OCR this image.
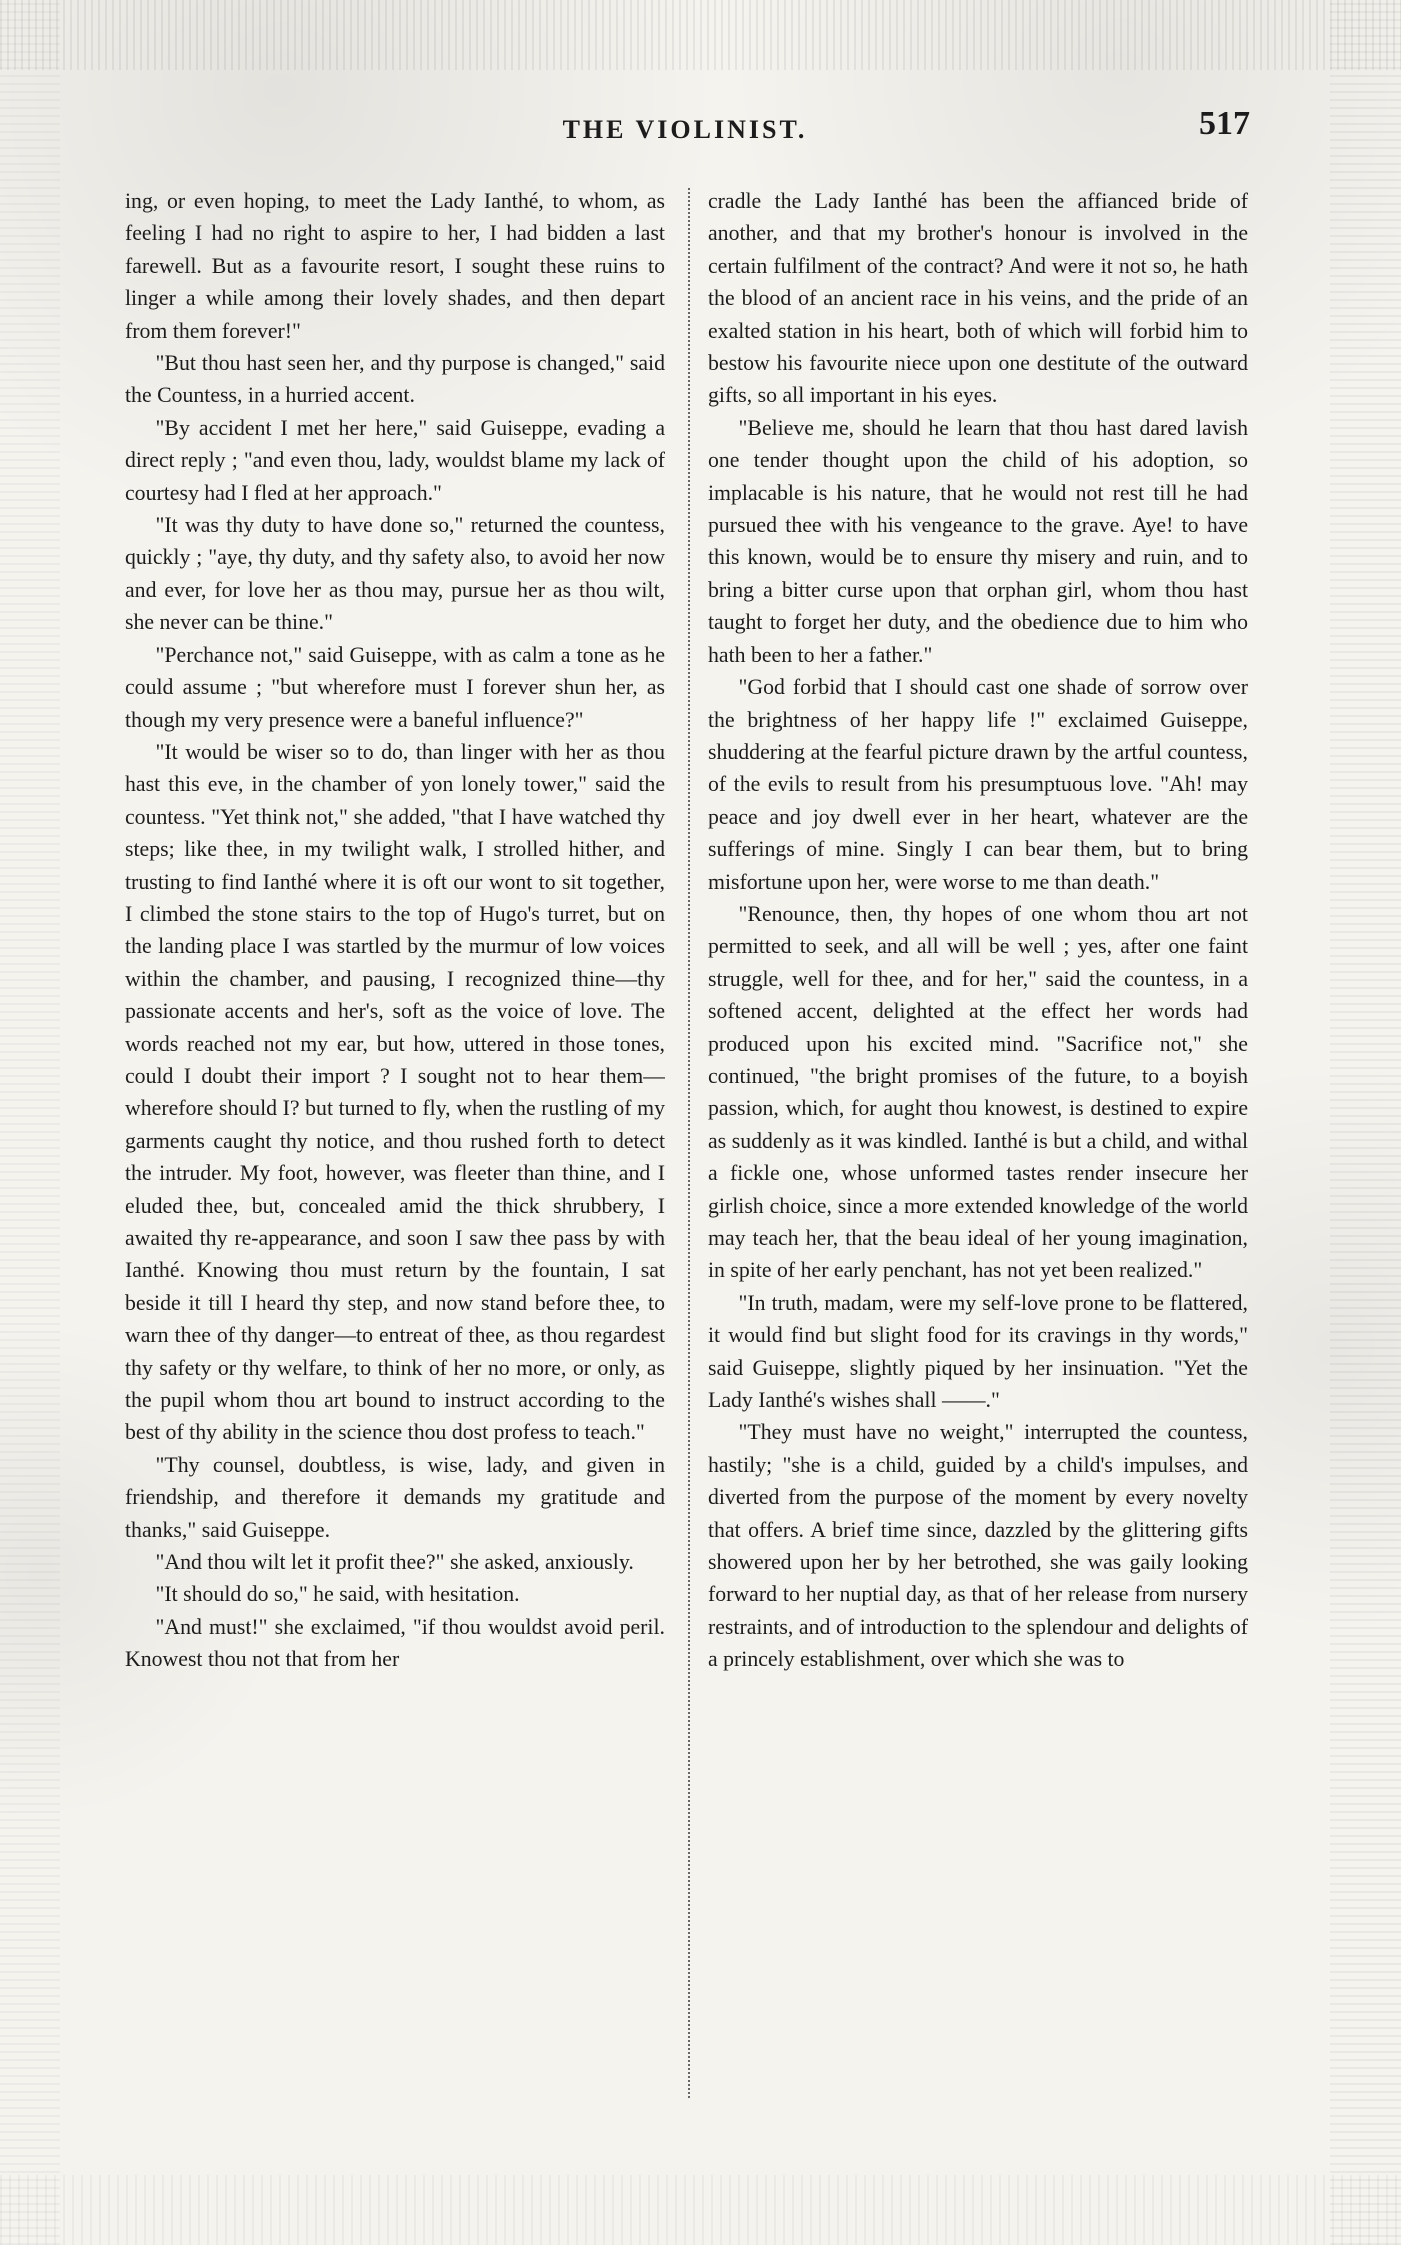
THE VIOLINIST.	517

ing, or even hoping, to meet the Lady Ianthé, to whom, as feeling I had no right to aspire to her, I had bidden a last farewell. But as a favourite resort, I sought these ruins to linger a while among their lovely shades, and then depart from them forever!"

"But thou hast seen her, and thy purpose is changed," said the Countess, in a hurried accent.

"By accident I met her here," said Guiseppe, evading a direct reply ; "and even thou, lady, wouldst blame my lack of courtesy had I fled at her approach."

"It was thy duty to have done so," returned the countess, quickly ; "aye, thy duty, and thy safety also, to avoid her now and ever, for love her as thou may, pursue her as thou wilt, she never can be thine."

"Perchance not," said Guiseppe, with as calm a tone as he could assume ; "but wherefore must I forever shun her, as though my very presence were a baneful influence?"

"It would be wiser so to do, than linger with her as thou hast this eve, in the chamber of yon lonely tower," said the countess. "Yet think not," she added, "that I have watched thy steps; like thee, in my twilight walk, I strolled hither, and trusting to find Ianthé where it is oft our wont to sit together, I climbed the stone stairs to the top of Hugo's turret, but on the landing place I was startled by the murmur of low voices within the chamber, and pausing, I recognized thine—thy passionate accents and her's, soft as the voice of love. The words reached not my ear, but how, uttered in those tones, could I doubt their import ? I sought not to hear them—wherefore should I? but turned to fly, when the rustling of my garments caught thy notice, and thou rushed forth to detect the intruder. My foot, however, was fleeter than thine, and I eluded thee, but, concealed amid the thick shrubbery, I awaited thy re-appearance, and soon I saw thee pass by with Ianthé. Knowing thou must return by the fountain, I sat beside it till I heard thy step, and now stand before thee, to warn thee of thy danger—to entreat of thee, as thou regardest thy safety or thy welfare, to think of her no more, or only, as the pupil whom thou art bound to instruct according to the best of thy ability in the science thou dost profess to teach."

"Thy counsel, doubtless, is wise, lady, and given in friendship, and therefore it demands my gratitude and thanks," said Guiseppe.

"And thou wilt let it profit thee?" she asked, anxiously.

"It should do so," he said, with hesitation.

"And must!" she exclaimed, "if thou wouldst avoid peril. Knowest thou not that from her

cradle the Lady Ianthé has been the affianced bride of another, and that my brother's honour is involved in the certain fulfilment of the contract? And were it not so, he hath the blood of an ancient race in his veins, and the pride of an exalted station in his heart, both of which will forbid him to bestow his favourite niece upon one destitute of the outward gifts, so all important in his eyes.

"Believe me, should he learn that thou hast dared lavish one tender thought upon the child of his adoption, so implacable is his nature, that he would not rest till he had pursued thee with his vengeance to the grave. Aye! to have this known, would be to ensure thy misery and ruin, and to bring a bitter curse upon that orphan girl, whom thou hast taught to forget her duty, and the obedience due to him who hath been to her a father."

"God forbid that I should cast one shade of sorrow over the brightness of her happy life !" exclaimed Guiseppe, shuddering at the fearful picture drawn by the artful countess, of the evils to result from his presumptuous love. "Ah! may peace and joy dwell ever in her heart, whatever are the sufferings of mine. Singly I can bear them, but to bring misfortune upon her, were worse to me than death."

"Renounce, then, thy hopes of one whom thou art not permitted to seek, and all will be well ; yes, after one faint struggle, well for thee, and for her," said the countess, in a softened accent, delighted at the effect her words had produced upon his excited mind. "Sacrifice not," she continued, "the bright promises of the future, to a boyish passion, which, for aught thou knowest, is destined to expire as suddenly as it was kindled. Ianthé is but a child, and withal a fickle one, whose unformed tastes render insecure her girlish choice, since a more extended knowledge of the world may teach her, that the beau ideal of her young imagination, in spite of her early penchant, has not yet been realized."

"In truth, madam, were my self-love prone to be flattered, it would find but slight food for its cravings in thy words," said Guiseppe, slightly piqued by her insinuation. "Yet the Lady Ianthé's wishes shall ——."

"They must have no weight," interrupted the countess, hastily; "she is a child, guided by a child's impulses, and diverted from the purpose of the moment by every novelty that offers. A brief time since, dazzled by the glittering gifts showered upon her by her betrothed, she was gaily looking forward to her nuptial day, as that of her release from nursery restraints, and of introduction to the splendour and delights of a princely establishment, over which she was to
